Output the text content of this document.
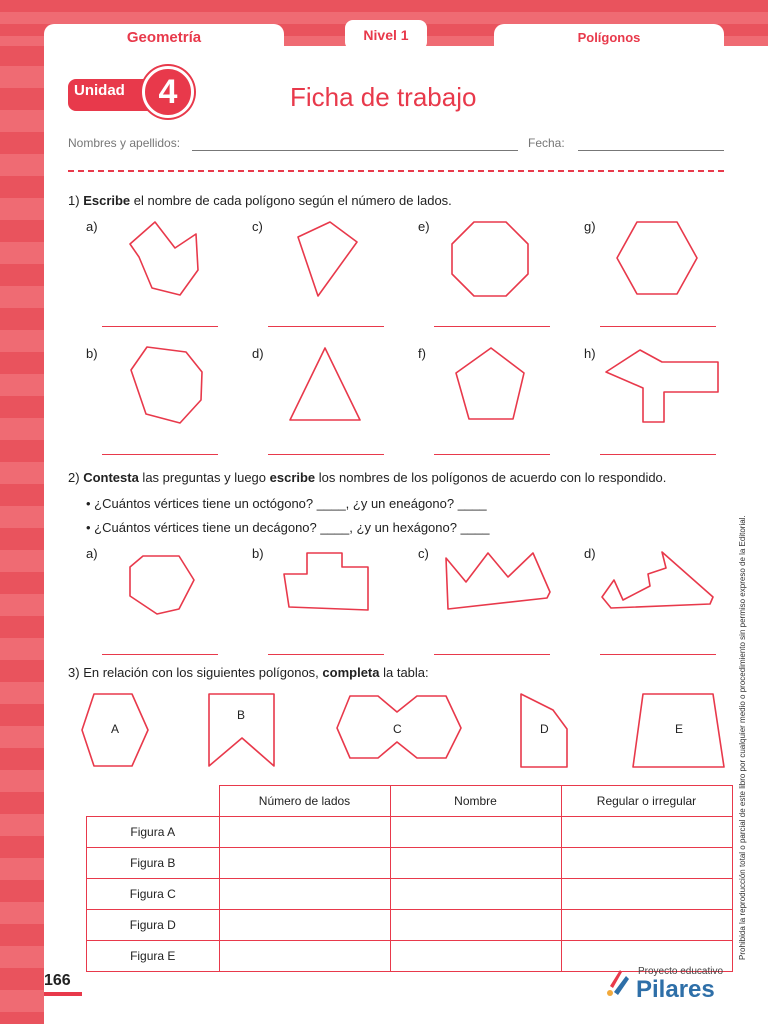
Geometría	Nivel 1	Polígonos
Unidad 4	Ficha de trabajo
Nombres y apellidos:	Fecha:
1) Escribe el nombre de cada polígono según el número de lados.
a)	c)	e)	g)
b)	d)	f)	h)
2) Contesta las preguntas y luego escribe los nombres de los polígonos de acuerdo con lo respondido.
• ¿Cuántos vértices tiene un octógono? ____, ¿y un eneágono? ____
• ¿Cuántos vértices tiene un decágono? ____, ¿y un hexágono? ____
a)	b)	c)	d)
3) En relación con los siguientes polígonos, completa la tabla:
A
B
C	D	E
	Número de lados	Nombre	Regular o irregular
Figura A			
Figura B			
Figura C			
Figura D			
Figura E			
166
Proyecto educativo
Pilares
Prohibida la reproducción total o parcial de este libro por cualquier medio o procedimiento sin permiso expreso de la Editorial.
